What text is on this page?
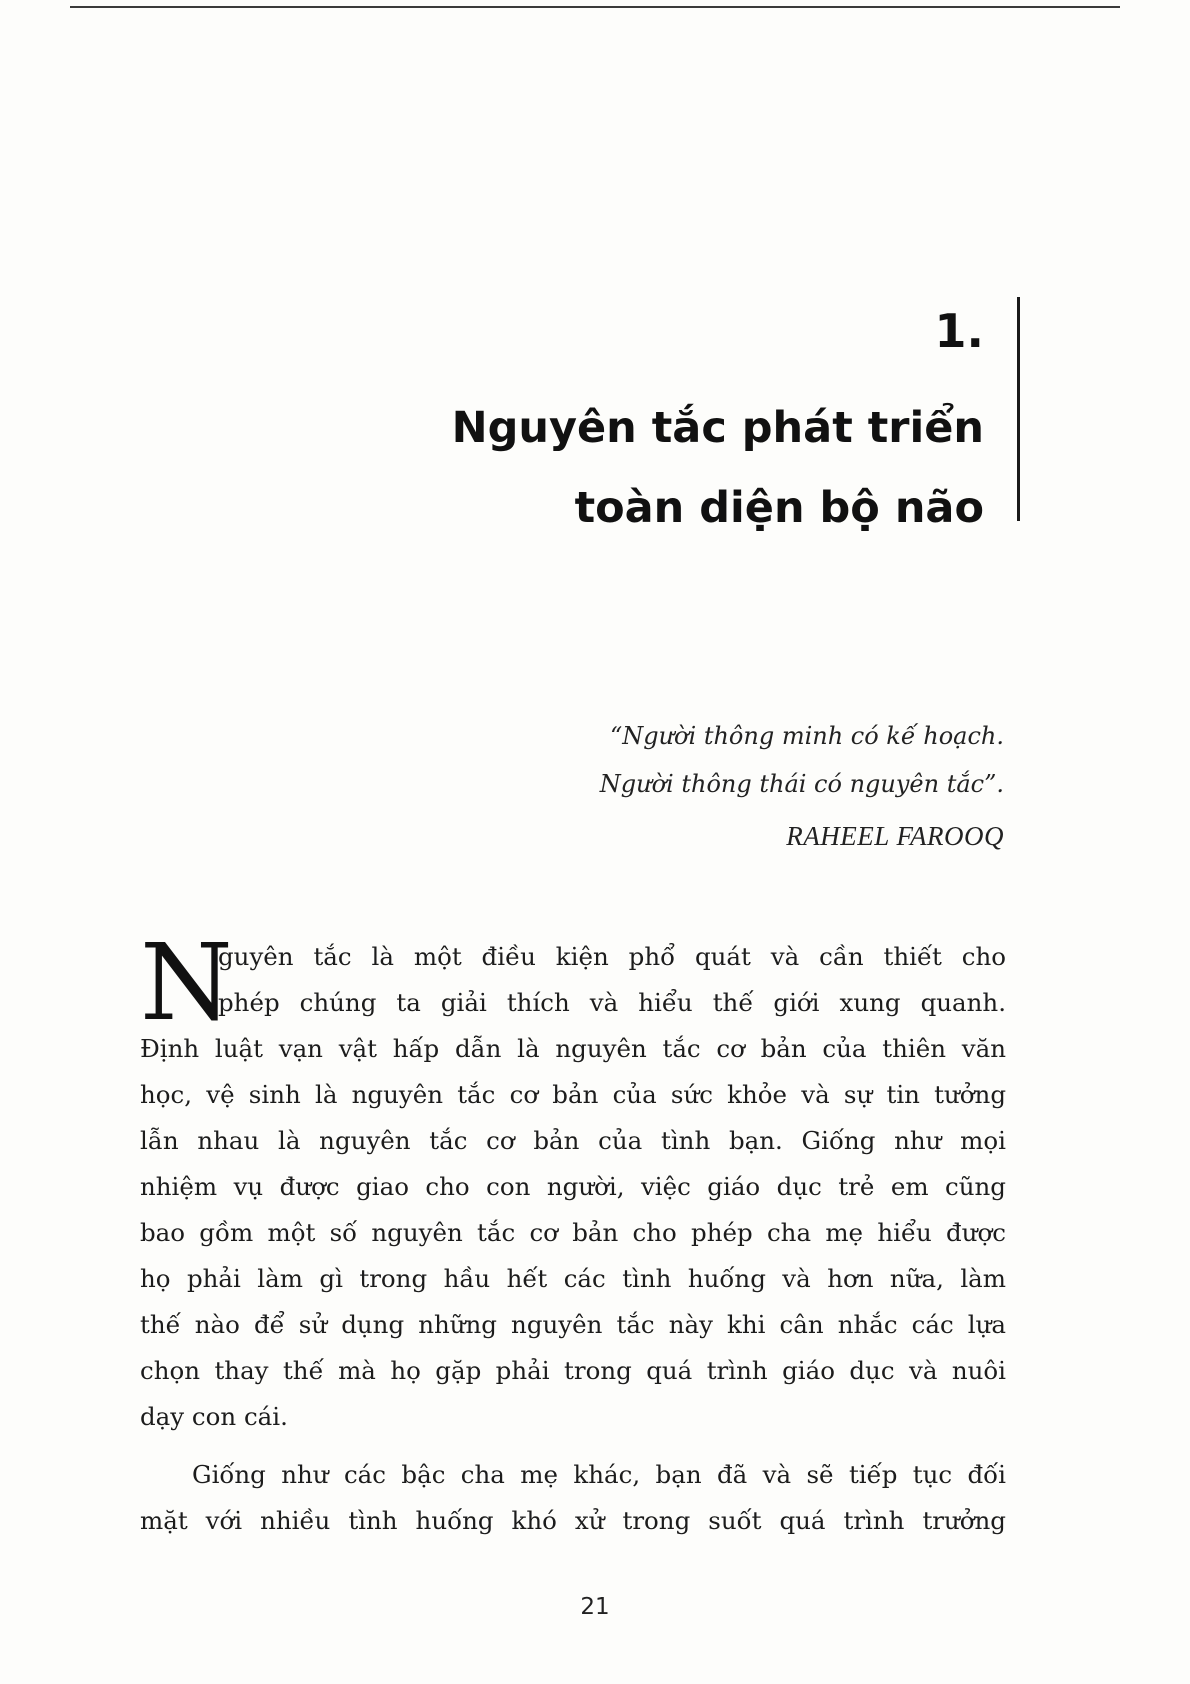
1.
Nguyên tắc phát triển
toàn diện bộ não
“Người thông minh có kế hoạch.
Người thông thái có nguyên tắc”.
RAHEEL FAROOQ
N
guyên tắc là một điều kiện phổ quát và cần thiết cho
phép chúng ta giải thích và hiểu thế giới xung quanh.
Định luật vạn vật hấp dẫn là nguyên tắc cơ bản của thiên văn
học, vệ sinh là nguyên tắc cơ bản của sức khỏe và sự tin tưởng
lẫn nhau là nguyên tắc cơ bản của tình bạn. Giống như mọi
nhiệm vụ được giao cho con người, việc giáo dục trẻ em cũng
bao gồm một số nguyên tắc cơ bản cho phép cha mẹ hiểu được
họ phải làm gì trong hầu hết các tình huống và hơn nữa, làm
thế nào để sử dụng những nguyên tắc này khi cân nhắc các lựa
chọn thay thế mà họ gặp phải trong quá trình giáo dục và nuôi
dạy con cái.
Giống như các bậc cha mẹ khác, bạn đã và sẽ tiếp tục đối
mặt với nhiều tình huống khó xử trong suốt quá trình trưởng
21
